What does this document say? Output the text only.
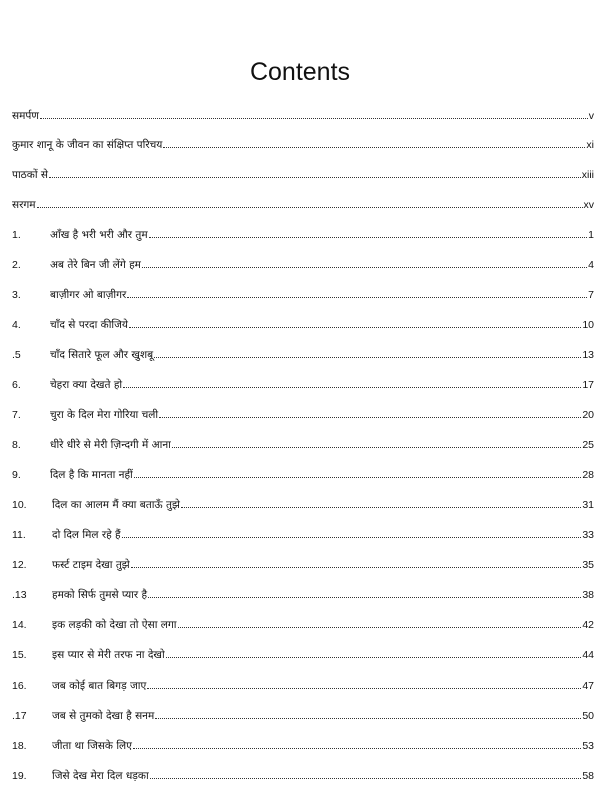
Contents
समर्पण	v
कुमार शानू के जीवन का संक्षिप्त परिचय	xi
पाठकों से	xiii
सरगम	xv
1.	आँख है भरी भरी और तुम	1
2.	अब तेरे बिन जी लेंगे हम	4
3.	बाज़ीगर ओ बाज़ीगर	7
4.	चाँद से परदा कीजिये	10
.5	चाँद सितारे फूल और खुशबू	13
6.	चेहरा क्या देखते हो	17
7.	चुरा के दिल मेरा गोरिया चली	20
8.	धीरे धीरे से मेरी ज़िन्दगी में आना	25
9.	दिल है कि मानता नहीं	28
10.	दिल का आलम मैं क्या बताऊँ तुझे	31
11.	दो दिल मिल रहे हैं	33
12.	फर्स्ट टाइम देखा तुझे	35
.13	हमको सिर्फ तुमसे प्यार है	38
14.	इक लड़की को देखा तो ऐसा लगा	42
15.	इस प्यार से मेरी तरफ ना देखो	44
16.	जब कोई बात बिगड़ जाए	47
.17	जब से तुमको देखा है सनम	50
18.	जीता था जिसके लिए	53
19.	जिसे देख मेरा दिल धड़का	58
